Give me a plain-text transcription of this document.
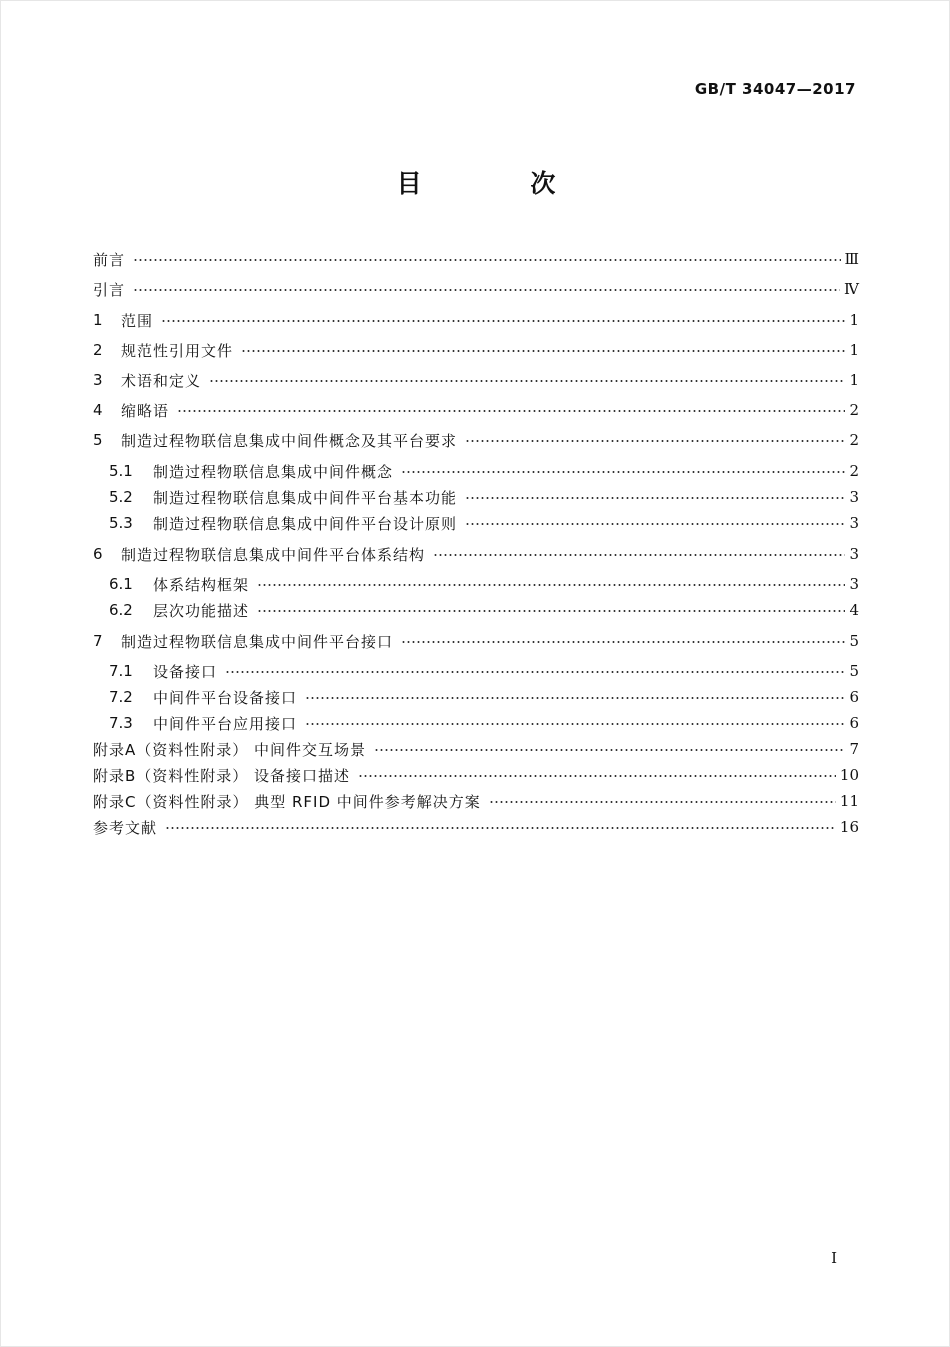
GB/T 34047—2017
目 次
前言	Ⅲ
引言	Ⅳ
1	范围	1
2	规范性引用文件	1
3	术语和定义	1
4	缩略语	2
5	制造过程物联信息集成中间件概念及其平台要求	2
5.1	制造过程物联信息集成中间件概念	2
5.2	制造过程物联信息集成中间件平台基本功能	3
5.3	制造过程物联信息集成中间件平台设计原则	3
6	制造过程物联信息集成中间件平台体系结构	3
6.1	体系结构框架	3
6.2	层次功能描述	4
7	制造过程物联信息集成中间件平台接口	5
7.1	设备接口	5
7.2	中间件平台设备接口	6
7.3	中间件平台应用接口	6
附录A（资料性附录） 中间件交互场景	7
附录B（资料性附录） 设备接口描述	10
附录C（资料性附录） 典型 RFID 中间件参考解决方案	11
参考文献	16
I
